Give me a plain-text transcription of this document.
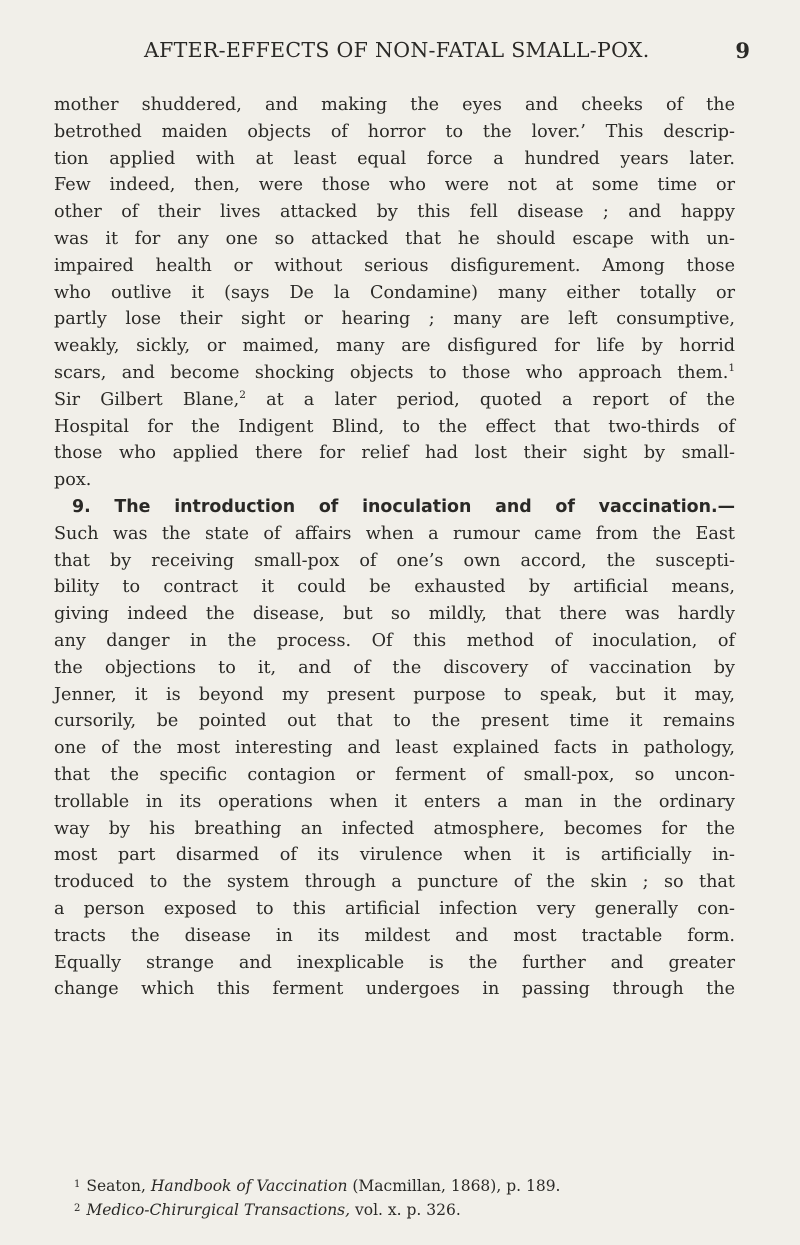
AFTER-EFFECTS OF NON-FATAL SMALL-POX.	9
mother shuddered, and making the eyes and cheeks of the
betrothed maiden objects of horror to the lover.’ This descrip-
tion applied with at least equal force a hundred years later.
Few indeed, then, were those who were not at some time or
other of their lives attacked by this fell disease ; and happy
was it for any one so attacked that he should escape with un-
impaired health or without serious disfigurement. Among those
who outlive it (says De la Condamine) many either totally or
partly lose their sight or hearing ; many are left consumptive,
weakly, sickly, or maimed, many are disfigured for life by horrid
scars, and become shocking objects to those who approach them.$^1$
Sir Gilbert Blane,$^2$ at a later period, quoted a report of the
Hospital for the Indigent Blind, to the effect that two-thirds of
those who applied there for relief had lost their sight by small-
pox.
9. The introduction of inoculation and of vaccination.—
Such was the state of affairs when a rumour came from the East
that by receiving small-pox of one’s own accord, the suscepti-
bility to contract it could be exhausted by artificial means,
giving indeed the disease, but so mildly, that there was hardly
any danger in the process. Of this method of inoculation, of
the objections to it, and of the discovery of vaccination by
Jenner, it is beyond my present purpose to speak, but it may,
cursorily, be pointed out that to the present time it remains
one of the most interesting and least explained facts in pathology,
that the specific contagion or ferment of small-pox, so uncon-
trollable in its operations when it enters a man in the ordinary
way by his breathing an infected atmosphere, becomes for the
most part disarmed of its virulence when it is artificially in-
troduced to the system through a puncture of the skin ; so that
a person exposed to this artificial infection very generally con-
tracts the disease in its mildest and most tractable form.
Equally strange and inexplicable is the further and greater
change which this ferment undergoes in passing through the
$^1$ Seaton, Handbook of Vaccination (Macmillan, 1868), p. 189.
$^2$ Medico-Chirurgical Transactions, vol. x. p. 326.
